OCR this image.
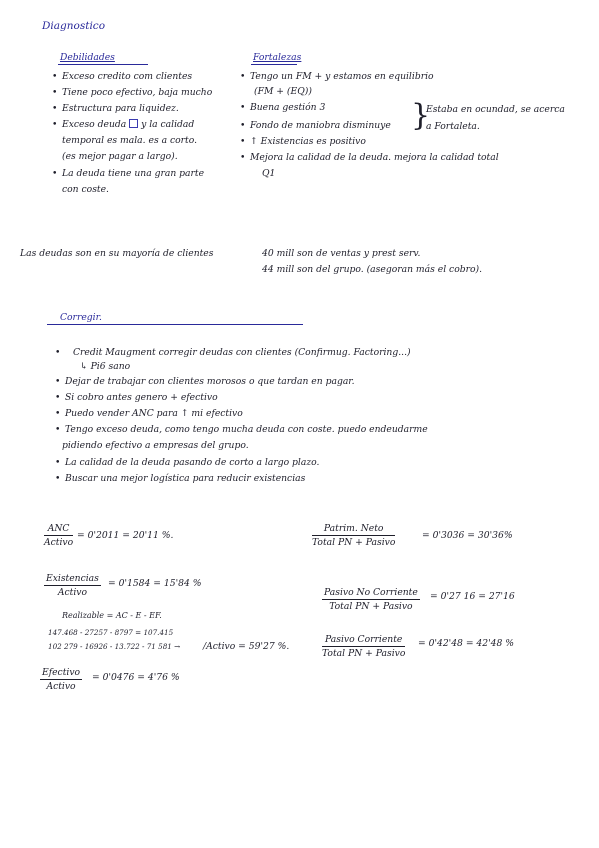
Diagnostico
Debilidades
• Exceso credito com clientes
• Tiene poco efectivo, baja mucho
• Estructura para liquidez.
• Exceso deuda y la calidad
temporal es mala. es a corto.
(es mejor pagar a largo).
• La deuda tiene una gran parte
con coste.
Fortalezas
• Tengo un FM + y estamos en equilibrio
(FM + (EQ))
• Buena gestión 3
• Fondo de maniobra disminuye
• ↑ Existencias es positivo
• Mejora la calidad de la deuda. mejora la calidad total
Q1
}
Estaba en ocundad, se acerca
a Fortaleta.
Las deudas son en su mayoría de clientes	40 mill son de ventas y prest serv.
44 mill son del grupo. (asegoran más el cobro).
Corregir.
• Credit Maugment corregir deudas con clientes (Confirmug. Factoring...)
↳ Pi6 sano
• Dejar de trabajar con clientes morosos o que tardan en pagar.
• Si cobro antes genero + efectivo
• Puedo vender ANC para ↑ mi efectivo
• Tengo exceso deuda, como tengo mucha deuda con coste. puedo endeudarme
pidiendo efectivo a empresas del grupo.
• La calidad de la deuda pasando de corto a largo plazo.
• Buscar una mejor logística para reducir existencias
ANC
Activo
= 0'2011 = 20'11 %.
Existencias
Activo
= 0'1584 = 15'84 %
Realizable = AC - E - EF.
147.468 - 27257 - 8797 = 107.415
102 279 - 16926 - 13.722 - 71 581 → /Activo = 59'27 %.
Efectivo
Activo
= 0'0476 = 4'76 %
Patrim. Neto
Total PN + Pasivo
= 0'3036 = 30'36%
Pasivo No Corriente
Total PN + Pasivo
= 0'27 16 = 27'16
Pasivo Corriente
Total PN + Pasivo
= 0'42'48 = 42'48 %
